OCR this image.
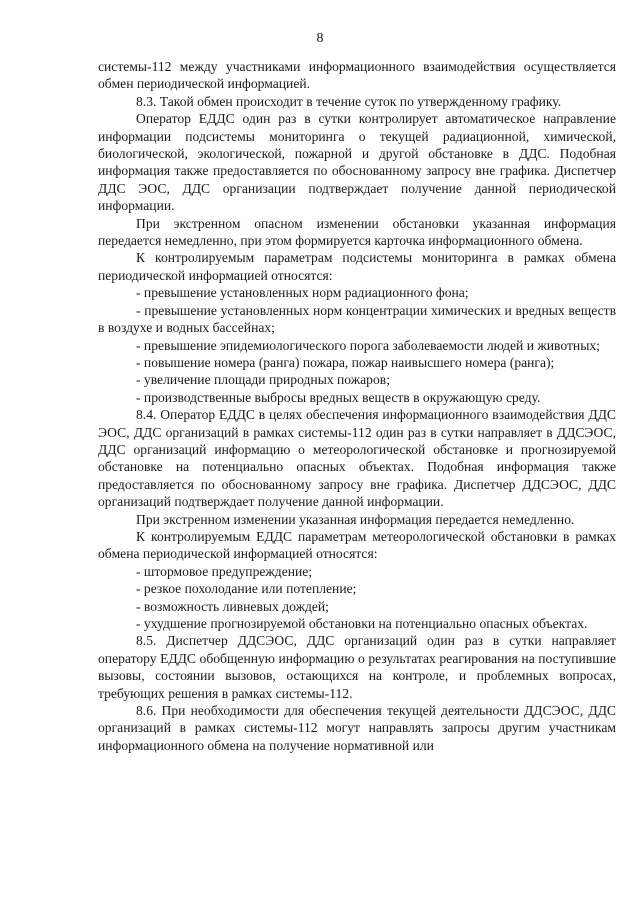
8

системы-112 между участниками информационного взаимодействия осуществляется обмен периодической информацией.

8.3. Такой обмен происходит в течение суток по утвержденному графику.

Оператор ЕДДС один раз в сутки контролирует автоматическое направление информации подсистемы мониторинга о текущей радиационной, химической, биологической, экологической, пожарной и другой обстановке в ДДС. Подобная информация также предоставляется по обоснованному запросу вне графика. Диспетчер ДДС ЭОС, ДДС организации подтверждает получение данной периодической информации.

При экстренном опасном изменении обстановки указанная информация передается немедленно, при этом формируется карточка информационного обмена.

К контролируемым параметрам подсистемы мониторинга в рамках обмена периодической информацией относятся:

- превышение установленных норм радиационного фона;

- превышение установленных норм концентрации химических и вредных веществ в воздухе и водных бассейнах;

- превышение эпидемиологического порога заболеваемости людей и животных;

- повышение номера (ранга) пожара, пожар наивысшего номера (ранга);

- увеличение площади природных пожаров;

- производственные выбросы вредных веществ в окружающую среду.

8.4. Оператор ЕДДС в целях обеспечения информационного взаимодействия ДДС ЭОС, ДДС организаций в рамках системы-112 один раз в сутки направляет в ДДСЭОС, ДДС организаций информацию о метеорологической обстановке и прогнозируемой обстановке на потенциально опасных объектах. Подобная информация также предоставляется по обоснованному запросу вне графика. Диспетчер ДДСЭОС, ДДС организаций подтверждает получение данной информации.

При экстренном изменении указанная информация передается немедленно.

К контролируемым ЕДДС параметрам метеорологической обстановки в рамках обмена периодической информацией относятся:

- штормовое предупреждение;

- резкое похолодание или потепление;

- возможность ливневых дождей;

- ухудшение прогнозируемой обстановки на потенциально опасных объектах.

8.5. Диспетчер ДДСЭОС, ДДС организаций один раз в сутки направляет оператору ЕДДС обобщенную информацию о результатах реагирования на поступившие вызовы, состоянии вызовов, остающихся на контроле, и проблемных вопросах, требующих решения в рамках системы-112.

8.6. При необходимости для обеспечения текущей деятельности ДДСЭОС, ДДС организаций в рамках системы-112 могут направлять запросы другим участникам информационного обмена на получение нормативной или
